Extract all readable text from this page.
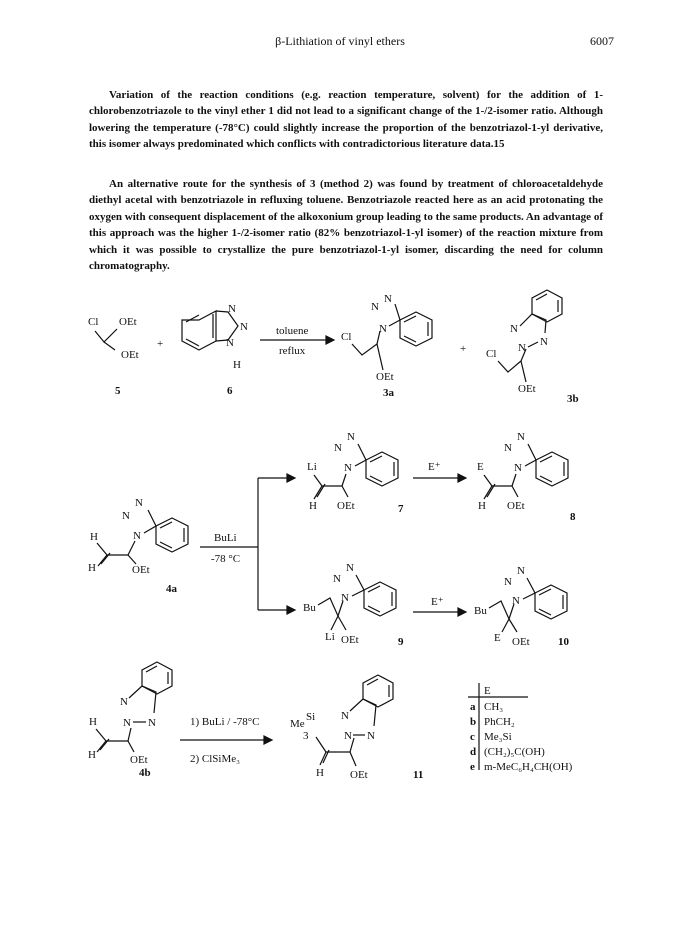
β-Lithiation of vinyl ethers	6007

Variation of the reaction conditions (e.g. reaction temperature, solvent) for the addition of 1-chlorobenzotriazole to the vinyl ether 1 did not lead to a significant change of the 1-/2-isomer ratio. Although lowering the temperature (-78°C) could slightly increase the proportion of the benzotriazol-1-yl derivative, this isomer always predominated which conflicts with contradictorious literature data.15

An alternative route for the synthesis of 3 (method 2) was found by treatment of chloroacetaldehyde diethyl acetal with benzotriazole in refluxing toluene. Benzotriazole reacted here as an acid protonating the oxygen with consequent displacement of the alkoxonium group leading to the same products. An advantage of this approach was the higher 1-/2-isomer ratio (82% benzotriazol-1-yl isomer) of the reaction mixture from which it was possible to crystallize the pure benzotriazol-1-yl isomer, discarding the need for column chromatography.

Cl OEt
OEt
5
+
N
N
N
H
6
toluene
reflux
Cl
N
N
N
OEt
3a
+ Cl
N
N N
OEt
3b
H
H	OEt
N
N
N
4a
BuLi
-78 °C
Li
H OEt
N
N
N
7
E⁺	E
H OEt
N
N
N
8
Bu
Li OEt
N
N
N
9
E⁺
Bu
E OEt
N
N
N
10
H
H	OEt
N
N N
4b
1) BuLi / -78°C
2) ClSiMe₃
Me
Si
3
H OEt
N
N N
11
E
a CH₃
b PhCH₂
c Me₃Si
d (CH₂)₅C(OH)
e m-MeC₆H₄CH(OH)
